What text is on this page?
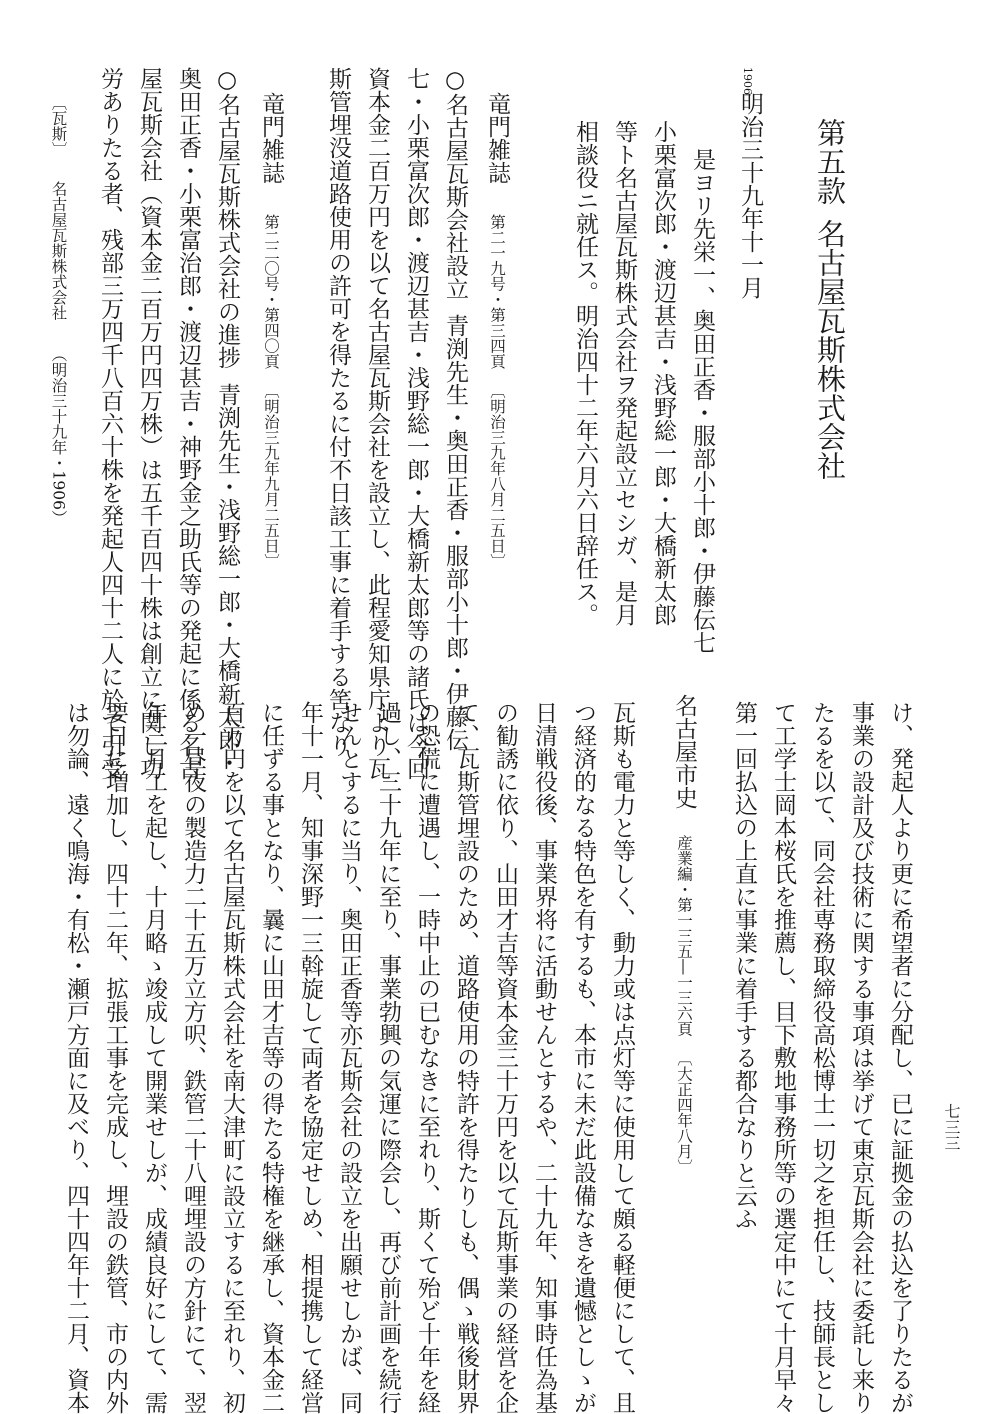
第五款名古屋瓦斯株式会社
1906
明治三十九年十一月
是ヨリ先栄一、奥田正香・服部小十郎・伊藤伝七
小栗富次郎・渡辺甚吉・浅野総一郎・大橋新太郎
等ト名古屋瓦斯株式会社ヲ発起設立セシガ、是月
相談役ニ就任ス。明治四十二年六月六日辞任ス。
竜門雑誌第二一九号・第三四頁〔明治三九年八月二五日〕
○名古屋瓦斯会社設立青渕先生・奥田正香・服部小十郎・伊藤伝
七・小栗富次郎・渡辺甚吉・浅野総一郎・大橋新太郎等の諸氏は今回
資本金二百万円を以て名古屋瓦斯会社を設立し、此程愛知県庁より瓦
斯管埋没道路使用の許可を得たるに付不日該工事に着手する筈なり
竜門雑誌第二二〇号・第四〇頁〔明治三九年九月二五日〕
○名古屋瓦斯株式会社の進捗青渕先生・浅野総一郎・大橋新太郎・
奥田正香・小栗富治郎・渡辺甚吉・神野金之助氏等の発起に係る名古
屋瓦斯会社（資本金二百万円四万株）は五千百四十株は創立に関し功
労ありたる者、残部三万四千八百六十株を発起人四十二人に於て引受
〔瓦斯〕名古屋瓦斯株式会社（明治三十九年・1906）
け、発起人より更に希望者に分配し、已に証拠金の払込を了りたるが
事業の設計及び技術に関する事項は挙げて東京瓦斯会社に委託し来り
たるを以て、同会社専務取締役高松博士一切之を担任し、技師長とし
て工学士岡本桜氏を推薦し、目下敷地事務所等の選定中にて十月早々
第一回払込の上直に事業に着手する都合なりと云ふ
名古屋市史産業編・第一三五―一三六頁〔大正四年八月〕
瓦斯も電力と等しく、動力或は点灯等に使用して頗る軽便にして、且
つ経済的なる特色を有するも、本市に未だ此設備なきを遺憾としゝが
日清戦役後、事業界将に活動せんとするや、二十九年、知事時任為基
の勧誘に依り、山田才吉等資本金三十万円を以て瓦斯事業の経営を企
て、瓦斯管埋設のため、道路使用の特許を得たりしも、偶ゝ戦後財界
の恐慌に遭遇し、一時中止の已むなきに至れり、斯くて殆ど十年を経
過し、三十九年に至り、事業勃興の気運に際会し、再び前計画を続行
せんとするに当り、奥田正香等亦瓦斯会社の設立を出願せしかば、同
年十一月、知事深野一三斡旋して両者を協定せしめ、相提携して経営
に任ずる事となり、曩に山田才吉等の得たる特権を継承し、資本金二
百万円を以て名古屋瓦斯株式会社を南大津町に設立するに至れり、初
め一昼夜の製造力二十五万立方呎、鉄管二十八哩埋設の方針にて、翌
年三月工を起し、十月略ゝ竣成して開業せしが、成績良好にして、需
要日に増加し、四十二年、拡張工事を完成し、埋設の鉄管、市の内外
は勿論、遠く鳴海・有松・瀬戸方面に及べり、四十四年十二月、資本	七三三
